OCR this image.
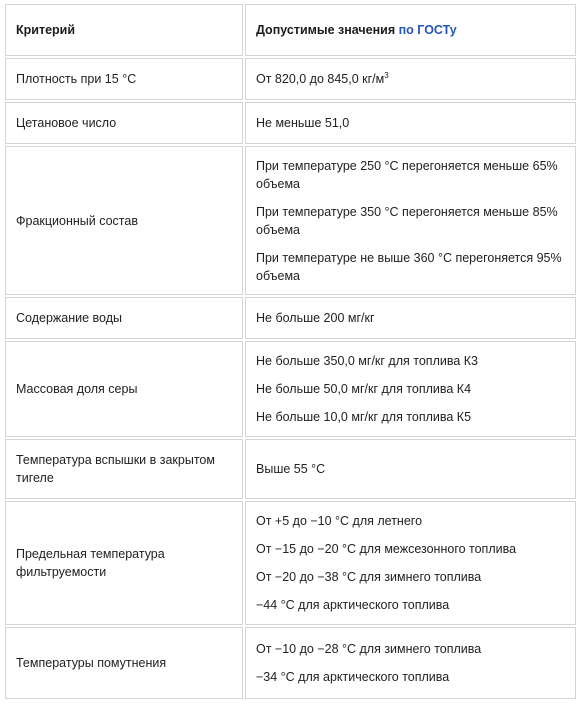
Критерий	Допустимые значения по ГОСТу
Плотность при 15 °С	От 820,0 до 845,0 $кг/м^3$
Цетановое число	Не меньше 51,0
Фракционный состав	При температуре 250 °С перегоняется меньше 65% объема

При температуре 350 °С перегоняется меньше 85% объема

При температуре не выше 360 °С перегоняется 95% объема

Содержание воды	Не больше 200 мг/кг
Массовая доля серы	Не больше 350,0 мг/кг для топлива К3

Не больше 50,0 мг/кг для топлива К4

Не больше 10,0 мг/кг для топлива К5

Температура вспышки в закрытом тигеле	Выше 55 °С
Предельная температура фильтруемости	От +5 до −10 °С для летнего

От −15 до −20 °С для межсезонного топлива

От −20 до −38 °С для зимнего топлива

−44 °С для арктического топлива

Температуры помутнения	От −10 до −28 °С для зимнего топлива

−34 °С для арктического топлива
